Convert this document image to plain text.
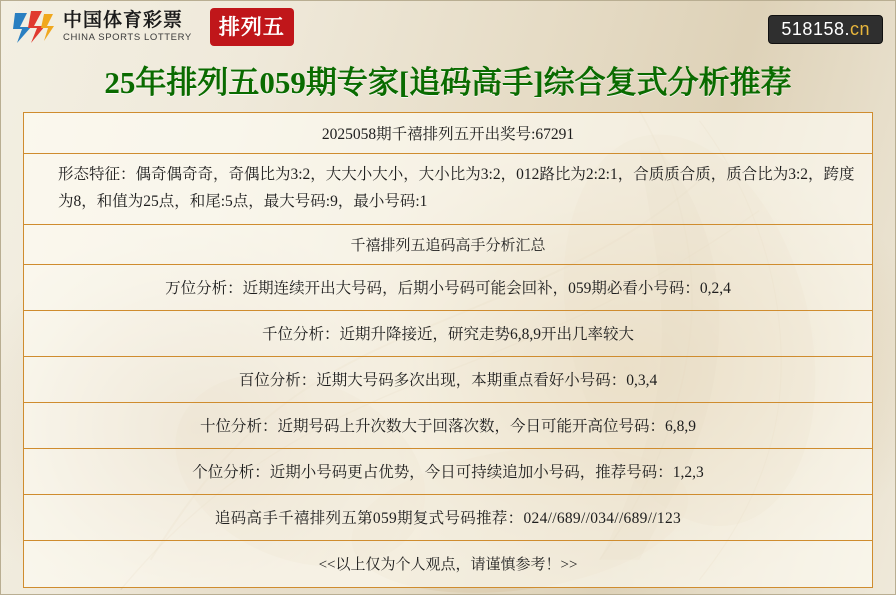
中国体育彩票
CHINA SPORTS LOTTERY	排列五	518158.cn
25年排列五059期专家[追码高手]综合复式分析推荐
2025058期千禧排列五开出奖号:67291
形态特征：偶奇偶奇奇，奇偶比为3:2，大大小大小，大小比为3:2，012路比为2:2:1，合质质合质，质合比为3:2，跨度为8，和值为25点，和尾:5点，最大号码:9，最小号码:1
千禧排列五追码高手分析汇总
万位分析：近期连续开出大号码，后期小号码可能会回补，059期必看小号码：0,2,4
千位分析：近期升降接近，研究走势6,8,9开出几率较大
百位分析：近期大号码多次出现，本期重点看好小号码：0,3,4
十位分析：近期号码上升次数大于回落次数，今日可能开高位号码：6,8,9
个位分析：近期小号码更占优势，今日可持续追加小号码，推荐号码：1,2,3
追码高手千禧排列五第059期复式号码推荐：024//689//034//689//123
<<以上仅为个人观点，请谨慎参考！>>
